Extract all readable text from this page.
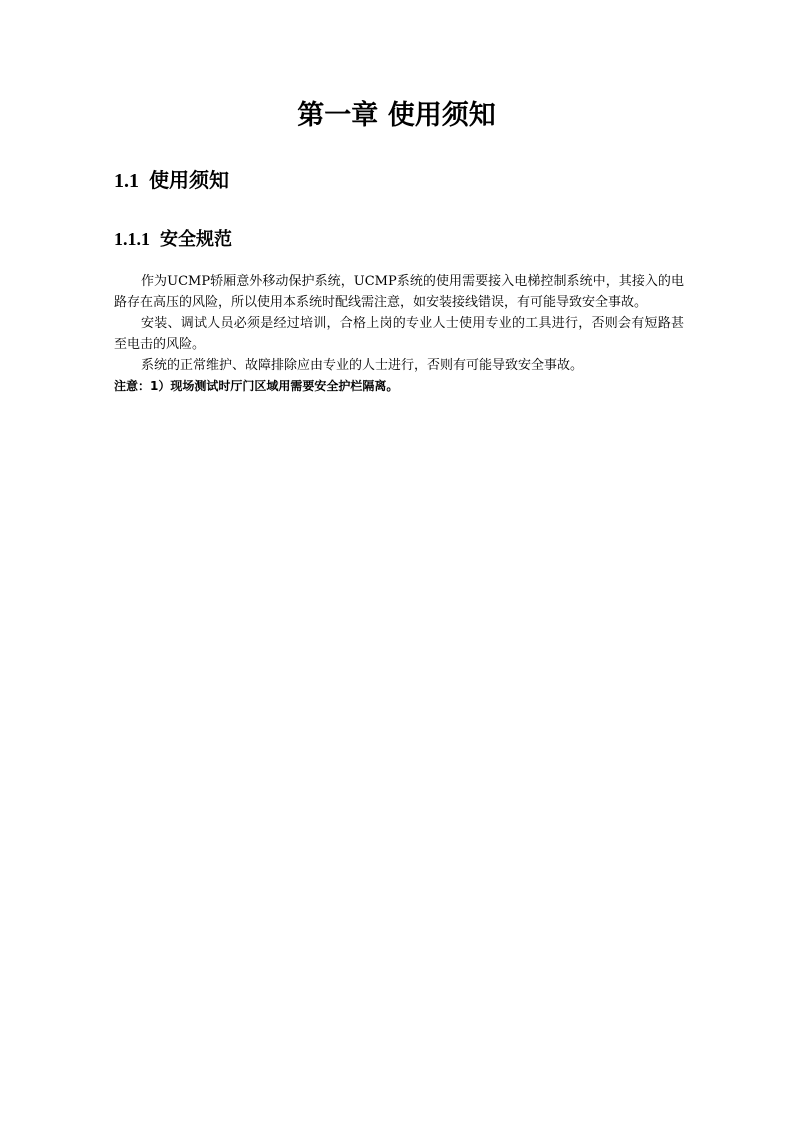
第一章 使用须知
1.1 使用须知
1.1.1 安全规范

作为UCMP轿厢意外移动保护系统，UCMP系统的使用需要接入电梯控制系统中，其接入的电路存在高压的风险，所以使用本系统时配线需注意，如安装接线错误，有可能导致安全事故。

安装、调试人员必须是经过培训，合格上岗的专业人士使用专业的工具进行，否则会有短路甚至电击的风险。

系统的正常维护、故障排除应由专业的人士进行，否则有可能导致安全事故。

注意：1）现场测试时厅门区域用需要安全护栏隔离。
